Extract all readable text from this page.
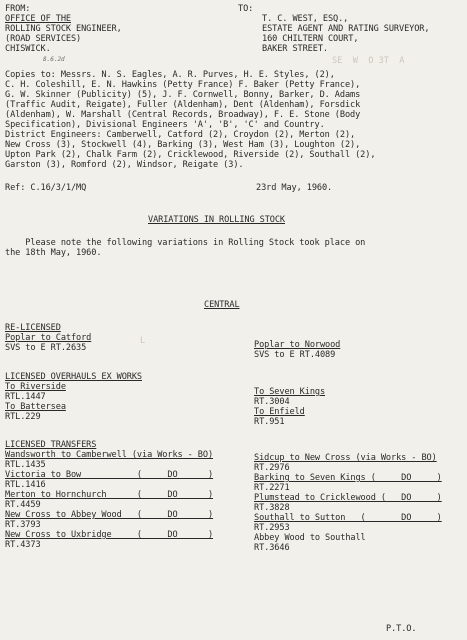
FROM:
OFFICE OF THE
ROLLING STOCK ENGINEER,
(ROAD SERVICES)
CHISWICK.
8.6.2d
TO:
T. C. WEST, ESQ.,
ESTATE AGENT AND RATING SURVEYOR,
160 CHILTERN COURT,
BAKER STREET.
SE  W  O 3T  A
L
Copies to: Messrs. N. S. Eagles, A. R. Purves, H. E. Styles, (2),
C. H. Coleshill, E. N. Hawkins (Petty France) F. Baker (Petty France),
G. W. Skinner (Publicity) (5), J. F. Cornwell, Bonny, Barker, D. Adams
(Traffic Audit, Reigate), Fuller (Aldenham), Dent (Aldenham), Forsdick
(Aldenham), W. Marshall (Central Records, Broadway), F. E. Stone (Body
Specification), Divisional Engineers 'A', 'B', 'C' and Country.
District Engineers: Camberwell, Catford (2), Croydon (2), Merton (2),
New Cross (3), Stockwell (4), Barking (3), West Ham (3), Loughton (2),
Upton Park (2), Chalk Farm (2), Cricklewood, Riverside (2), Southall (2),
Garston (3), Romford (2), Windsor, Reigate (3).
Ref: C.16/3/1/MQ	23rd May, 1960.
VARIATIONS IN ROLLING STOCK
Please note the following variations in Rolling Stock took place on
the 18th May, 1960.
CENTRAL
RE-LICENSED
Poplar to Catford
SVS to E RT.2635	Poplar to Norwood
SVS to E RT.4089
LICENSED OVERHAULS EX WORKS
To Riverside
RTL.1447
To Battersea
RTL.229
To Seven Kings
RT.3004
To Enfield
RT.951
LICENSED TRANSFERS
Wandsworth to Camberwell (via Works - BO)
RTL.1435
Victoria to Bow           (     DO      )
RTL.1416
Merton to Hornchurch      (     DO      )
RT.4459
New Cross to Abbey Wood   (     DO      )
RT.3793
New Cross to Uxbridge     (     DO      )
RT.4373
Sidcup to New Cross (via Works - BO)
RT.2976
Barking to Seven Kings (     DO     )
RT.2271
Plumstead to Cricklewood (   DO     )
RT.3828
Southall to Sutton   (       DO     )
RT.2953
Abbey Wood to Southall
RT.3646
P.T.O.
